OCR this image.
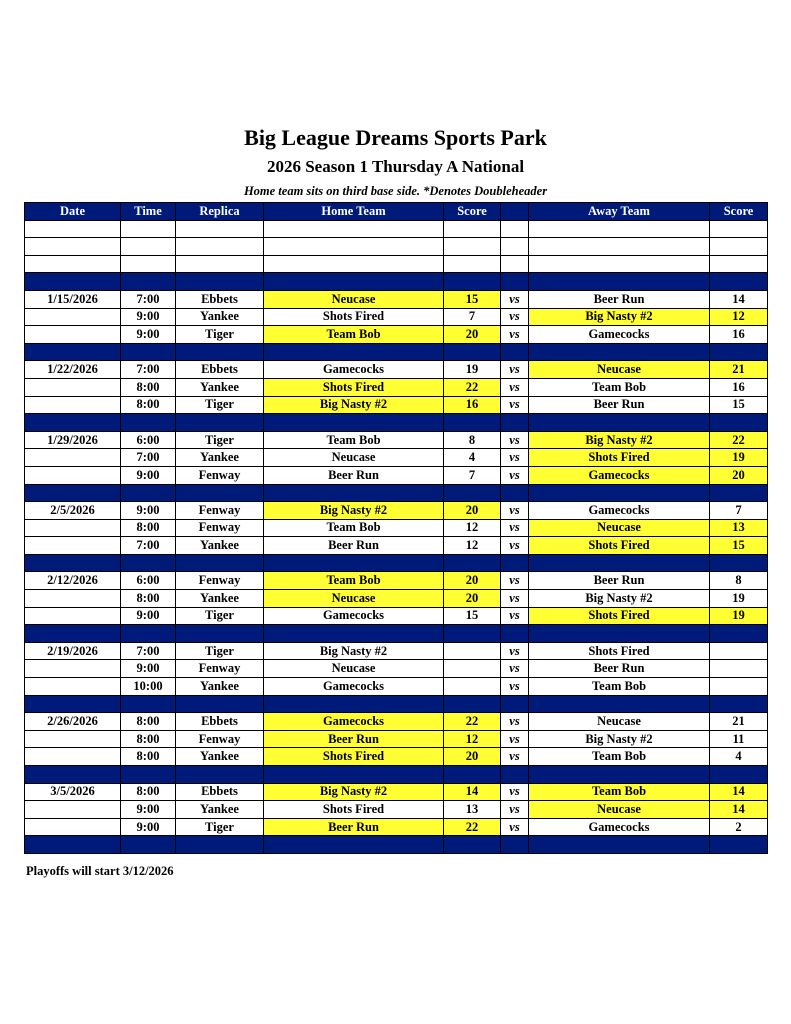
Big League Dreams Sports Park
2026 Season 1 Thursday A National
Home team sits on third base side. *Denotes Doubleheader
Date	Time	Replica	Home Team	Score		Away Team	Score

1/15/2026	7:00	Ebbets	Neucase	15	vs	Beer Run	14
	9:00	Yankee	Shots Fired	7	vs	Big Nasty #2	12
	9:00	Tiger	Team Bob	20	vs	Gamecocks	16

1/22/2026	7:00	Ebbets	Gamecocks	19	vs	Neucase	21
	8:00	Yankee	Shots Fired	22	vs	Team Bob	16
	8:00	Tiger	Big Nasty #2	16	vs	Beer Run	15

1/29/2026	6:00	Tiger	Team Bob	8	vs	Big Nasty #2	22
	7:00	Yankee	Neucase	4	vs	Shots Fired	19
	9:00	Fenway	Beer Run	7	vs	Gamecocks	20

2/5/2026	9:00	Fenway	Big Nasty #2	20	vs	Gamecocks	7
	8:00	Fenway	Team Bob	12	vs	Neucase	13
	7:00	Yankee	Beer Run	12	vs	Shots Fired	15

2/12/2026	6:00	Fenway	Team Bob	20	vs	Beer Run	8
	8:00	Yankee	Neucase	20	vs	Big Nasty #2	19
	9:00	Tiger	Gamecocks	15	vs	Shots Fired	19

2/19/2026	7:00	Tiger	Big Nasty #2		vs	Shots Fired	
	9:00	Fenway	Neucase		vs	Beer Run	
	10:00	Yankee	Gamecocks		vs	Team Bob	

2/26/2026	8:00	Ebbets	Gamecocks	22	vs	Neucase	21
	8:00	Fenway	Beer Run	12	vs	Big Nasty #2	11
	8:00	Yankee	Shots Fired	20	vs	Team Bob	4

3/5/2026	8:00	Ebbets	Big Nasty #2	14	vs	Team Bob	14
	9:00	Yankee	Shots Fired	13	vs	Neucase	14
	9:00	Tiger	Beer Run	22	vs	Gamecocks	2

Playoffs will start 3/12/2026
